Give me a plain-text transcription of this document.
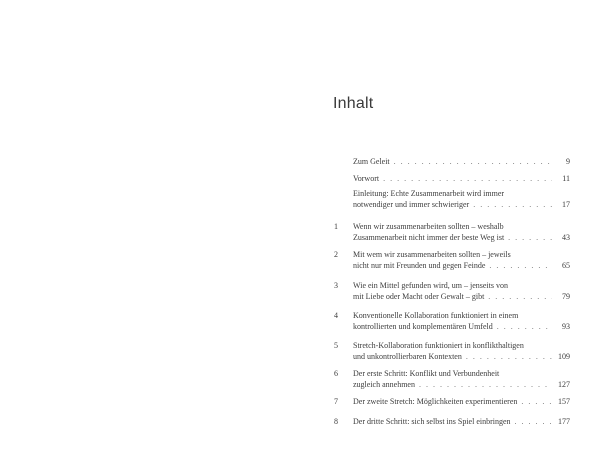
Inhalt
Zum Geleit . . .	9
Vorwort . . .	11
Einleitung: Echte Zusammenarbeit wird immer
notwendiger und immer schwieriger . . .	17
1	Wenn wir zusammenarbeiten sollten – weshalb
Zusammenarbeit nicht immer der beste Weg ist . . .	43
2	Mit wem wir zusammenarbeiten sollten – jeweils
nicht nur mit Freunden und gegen Feinde . . .	65
3	Wie ein Mittel gefunden wird, um – jenseits von
mit Liebe oder Macht oder Gewalt – gibt . . .	79
4	Konventionelle Kollaboration funktioniert in einem
kontrollierten und komplementären Umfeld . . .	93
5	Stretch-Kollaboration funktioniert in konflikthaltigen
und unkontrollierbaren Kontexten . . .	109
6	Der erste Schritt: Konflikt und Verbundenheit
zugleich annehmen . . .	127
7	Der zweite Stretch: Möglichkeiten experimentieren . . .	157
8	Der dritte Schritt: sich selbst ins Spiel einbringen . . .	177
